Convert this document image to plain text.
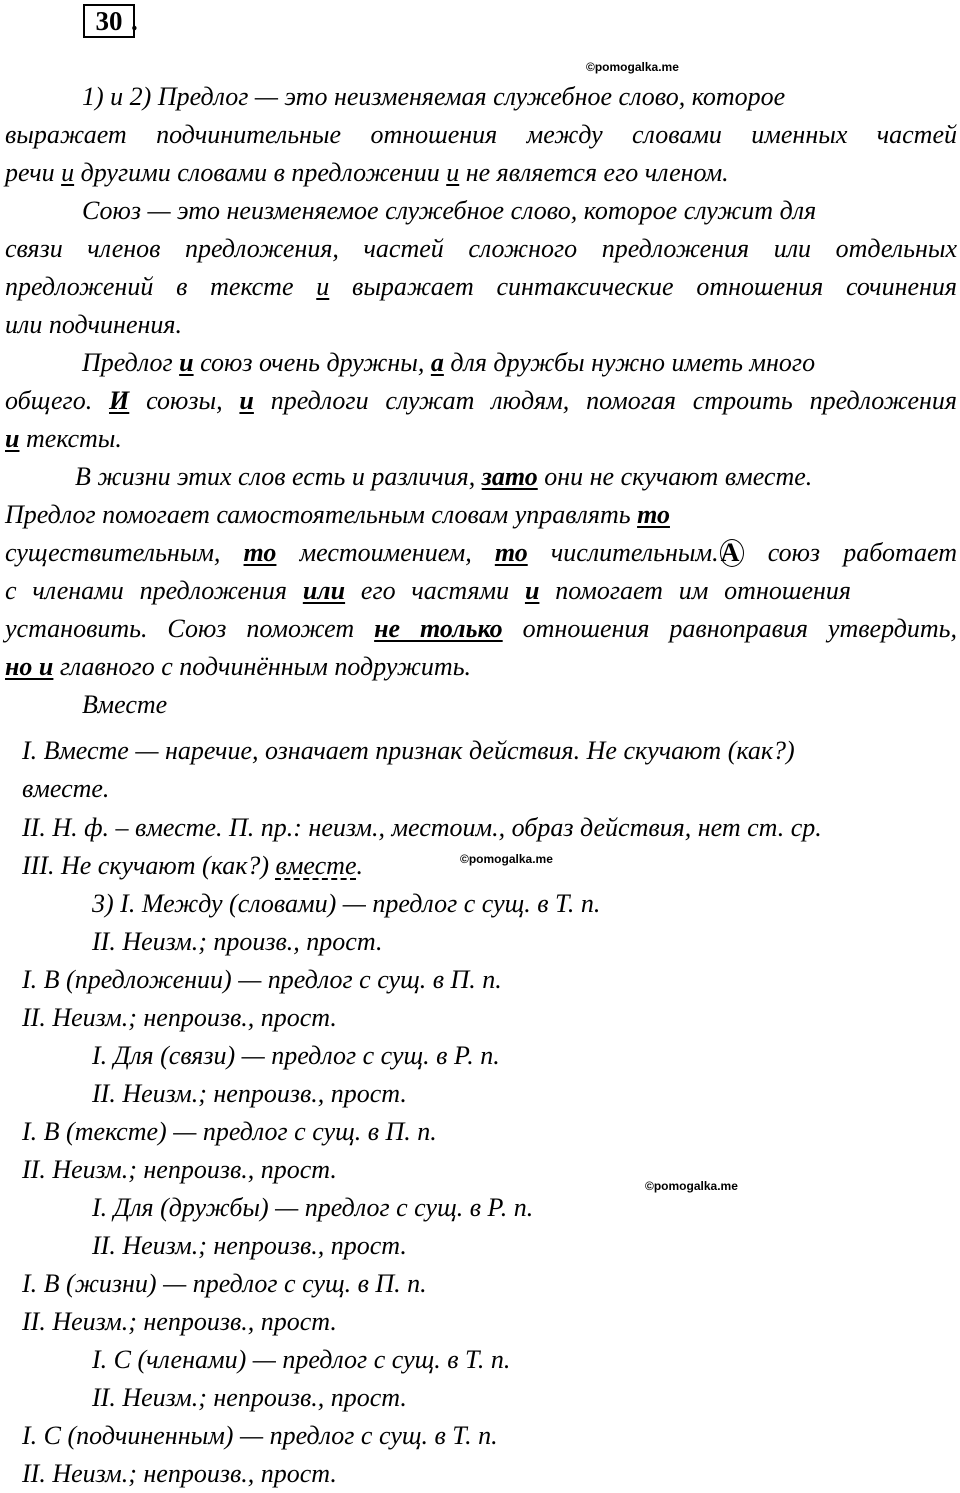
30 .
©pomogalka.me
©pomogalka.me
©pomogalka.me
1) и 2) Предлог — это неизменяемая служебное слово, которое
выражает подчинительные отношения между словами именных частей
речи и другими словами в предложении и не является его членом.
Союз — это неизменяемое служебное слово, которое служит для
связи членов предложения, частей сложного предложения или отдельных
предложений в тексте и выражает синтаксические отношения сочинения
или подчинения.
Предлог и союз очень дружны, а для дружбы нужно иметь много
общего. И союзы, и предлоги служат людям, помогая строить предложения
и тексты.
В жизни этих слов есть и различия, зато они не скучают вместе.
Предлог помогает самостоятельным словам управлять то
существительным, то местоимением, то числительным.А союз работает
с членами предложения или его частями и помогает им отношения
установить. Союз поможет не только отношения равноправия утвердить,
но и главного с подчинённым подружить.
Вместе
I. Вместе — наречие, означает признак действия. Не скучают (как?)
вместе.
II. Н. ф. – вместе. П. пр.: неизм., местоим., образ действия, нет ст. ср.
III. Не скучают (как?) вместе.
3) I. Между (словами) — предлог с сущ. в Т. п.
II. Неизм.; произв., прост.
I. В (предложении) — предлог с сущ. в П. п.
II. Неизм.; непроизв., прост.
I. Для (связи) — предлог с сущ. в Р. п.
II. Неизм.; непроизв., прост.
I. В (тексте) — предлог с сущ. в П. п.
II. Неизм.; непроизв., прост.
I. Для (дружбы) — предлог с сущ. в Р. п.
II. Неизм.; непроизв., прост.
I. В (жизни) — предлог с сущ. в П. п.
II. Неизм.; непроизв., прост.
I. С (членами) — предлог с сущ. в Т. п.
II. Неизм.; непроизв., прост.
I. С (подчиненным) — предлог с сущ. в Т. п.
II. Неизм.; непроизв., прост.
